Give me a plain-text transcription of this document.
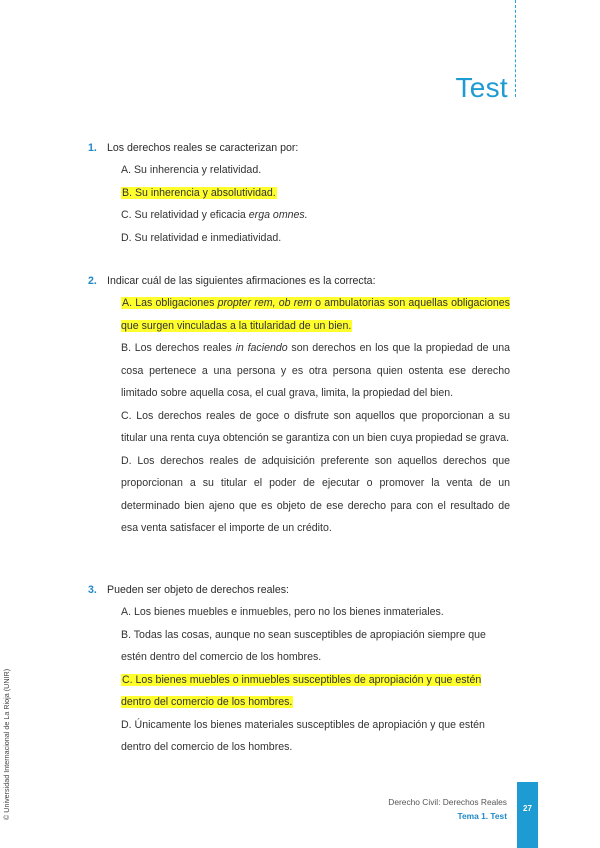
Test
1. Los derechos reales se caracterizan por:
A. Su inherencia y relatividad.
B. Su inherencia y absolutividad.
C. Su relatividad y eficacia erga omnes.
D. Su relatividad e inmediatividad.
2. Indicar cuál de las siguientes afirmaciones es la correcta:
A. Las obligaciones propter rem, ob rem o ambulatorias son aquellas obligaciones que surgen vinculadas a la titularidad de un bien.
B. Los derechos reales in faciendo son derechos en los que la propiedad de una cosa pertenece a una persona y es otra persona quien ostenta ese derecho limitado sobre aquella cosa, el cual grava, limita, la propiedad del bien.
C. Los derechos reales de goce o disfrute son aquellos que proporcionan a su titular una renta cuya obtención se garantiza con un bien cuya propiedad se grava.
D. Los derechos reales de adquisición preferente son aquellos derechos que proporcionan a su titular el poder de ejecutar o promover la venta de un determinado bien ajeno que es objeto de ese derecho para con el resultado de esa venta satisfacer el importe de un crédito.
3. Pueden ser objeto de derechos reales:
A. Los bienes muebles e inmuebles, pero no los bienes inmateriales.
B. Todas las cosas, aunque no sean susceptibles de apropiación siempre que estén dentro del comercio de los hombres.
C. Los bienes muebles o inmuebles susceptibles de apropiación y que estén dentro del comercio de los hombres.
D. Únicamente los bienes materiales susceptibles de apropiación y que estén dentro del comercio de los hombres.
© Universidad Internacional de La Rioja (UNIR)	Derecho Civil: Derechos Reales
Tema 1. Test
27
